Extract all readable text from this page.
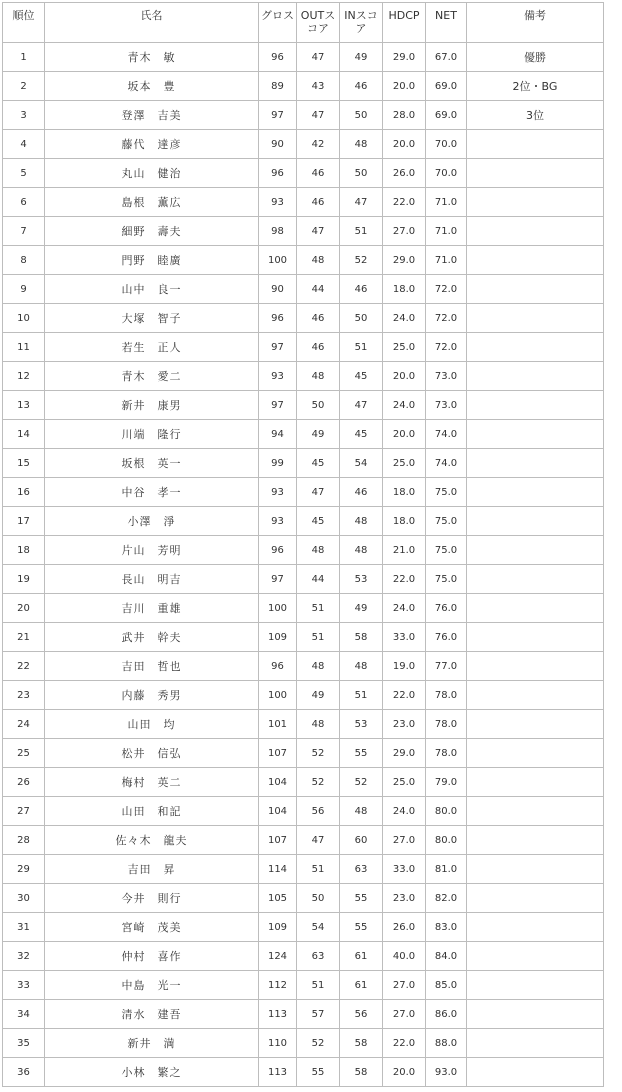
順位	氏名	グロス	OUTスコア	INスコア	HDCP	NET	備考
1	青木　敏	96	47	49	29.0	67.0	優勝
2	坂本　豊	89	43	46	20.0	69.0	2位・BG
3	登澤　吉美	97	47	50	28.0	69.0	3位
4	藤代　達彦	90	42	48	20.0	70.0	
5	丸山　健治	96	46	50	26.0	70.0	
6	島根　薫広	93	46	47	22.0	71.0	
7	細野　壽夫	98	47	51	27.0	71.0	
8	門野　睦廣	100	48	52	29.0	71.0	
9	山中　良一	90	44	46	18.0	72.0	
10	大塚　智子	96	46	50	24.0	72.0	
11	若生　正人	97	46	51	25.0	72.0	
12	青木　愛二	93	48	45	20.0	73.0	
13	新井　康男	97	50	47	24.0	73.0	
14	川端　隆行	94	49	45	20.0	74.0	
15	坂根　英一	99	45	54	25.0	74.0	
16	中谷　孝一	93	47	46	18.0	75.0	
17	小澤　淨	93	45	48	18.0	75.0	
18	片山　芳明	96	48	48	21.0	75.0	
19	長山　明吉	97	44	53	22.0	75.0	
20	吉川　重雄	100	51	49	24.0	76.0	
21	武井　幹夫	109	51	58	33.0	76.0	
22	吉田　哲也	96	48	48	19.0	77.0	
23	内藤　秀男	100	49	51	22.0	78.0	
24	山田　均	101	48	53	23.0	78.0	
25	松井　信弘	107	52	55	29.0	78.0	
26	梅村　英二	104	52	52	25.0	79.0	
27	山田　和記	104	56	48	24.0	80.0	
28	佐々木　龍夫	107	47	60	27.0	80.0	
29	吉田　昇	114	51	63	33.0	81.0	
30	今井　則行	105	50	55	23.0	82.0	
31	宮崎　茂美	109	54	55	26.0	83.0	
32	仲村　喜作	124	63	61	40.0	84.0	
33	中島　光一	112	51	61	27.0	85.0	
34	清水　建吾	113	57	56	27.0	86.0	
35	新井　満	110	52	58	22.0	88.0	
36	小林　繁之	113	55	58	20.0	93.0	
